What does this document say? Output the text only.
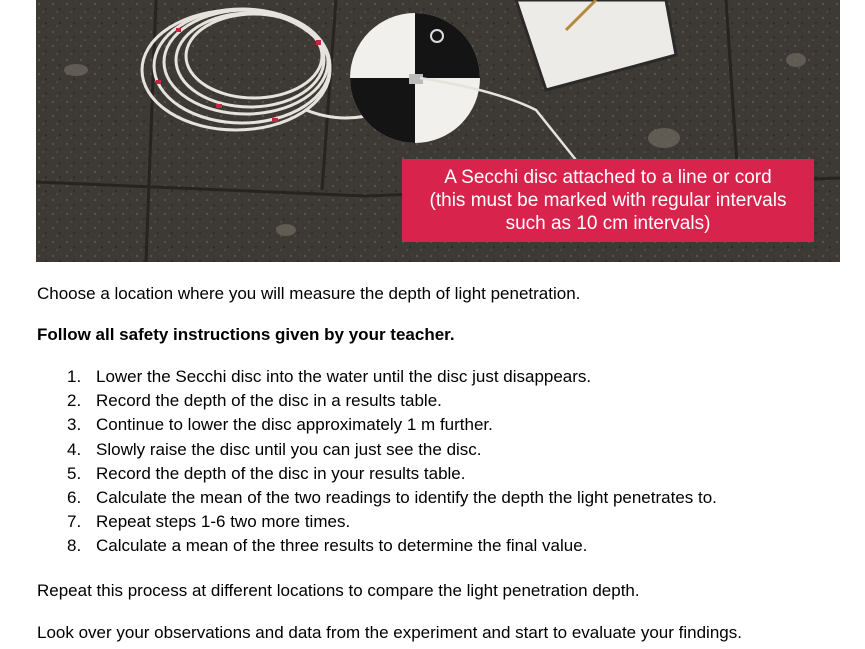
A Secchi disc attached to a line or cord
(this must be marked with regular intervals
such as 10 cm intervals)

Choose a location where you will measure the depth of light penetration.

Follow all safety instructions given by your teacher.

1. Lower the Secchi disc into the water until the disc just disappears.
2. Record the depth of the disc in a results table.
3. Continue to lower the disc approximately 1 m further.
4. Slowly raise the disc until you can just see the disc.
5. Record the depth of the disc in your results table.
6. Calculate the mean of the two readings to identify the depth the light penetrates to.
7. Repeat steps 1-6 two more times.
8. Calculate a mean of the three results to determine the final value.

Repeat this process at different locations to compare the light penetration depth.

Look over your observations and data from the experiment and start to evaluate your findings.
